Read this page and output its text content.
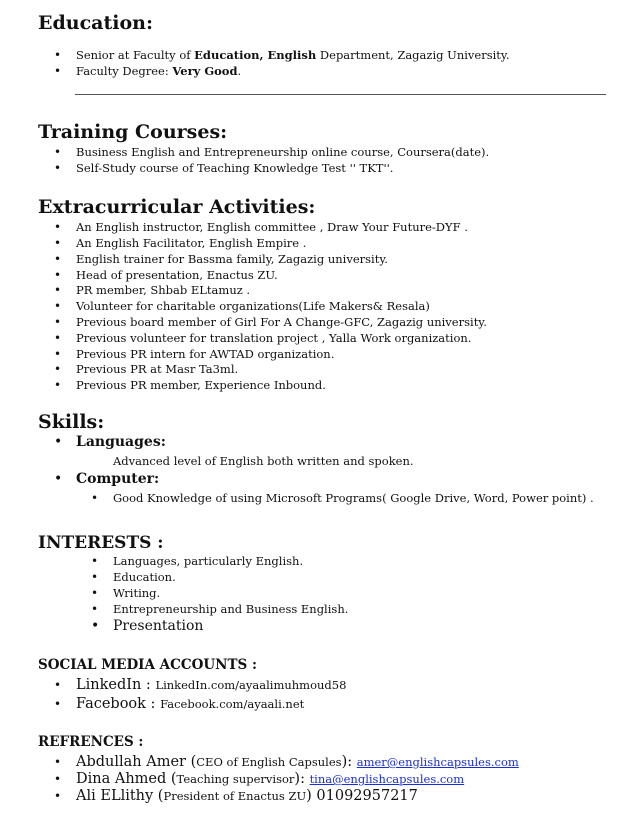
Education:
• Senior at Faculty of Education, English Department, Zagazig University.
• Faculty Degree: Very Good.
Training Courses:
• Business English and Entrepreneurship online course, Coursera(date).
• Self-Study course of Teaching Knowledge Test '' TKT''.
Extracurricular Activities:
• An English instructor, English committee , Draw Your Future-DYF .
• An English Facilitator, English Empire .
• English trainer for Bassma family, Zagazig university.
• Head of presentation, Enactus ZU.
• PR member, Shbab ELtamuz .
• Volunteer for charitable organizations(Life Makers& Resala)
• Previous board member of Girl For A Change-GFC, Zagazig university.
• Previous volunteer for translation project , Yalla Work organization.
• Previous PR intern for AWTAD organization.
• Previous PR at Masr Ta3ml.
• Previous PR member, Experience Inbound.
Skills:
• Languages:
Advanced level of English both written and spoken.
• Computer:
• Good Knowledge of using Microsoft Programs( Google Drive, Word, Power point) .
INTERESTS :
• Languages, particularly English.
• Education.
• Writing.
• Entrepreneurship and Business English.
• Presentation
SOCIAL MEDIA ACCOUNTS :
• LinkedIn : LinkedIn.com/ayaalimuhmoud58
• Facebook : Facebook.com/ayaali.net
REFRENCES :
• Abdullah Amer (CEO of English Capsules): amer@englishcapsules.com
• Dina Ahmed (Teaching supervisor): tina@englishcapsules.com
• Ali ELlithy (President of Enactus ZU) 01092957217
